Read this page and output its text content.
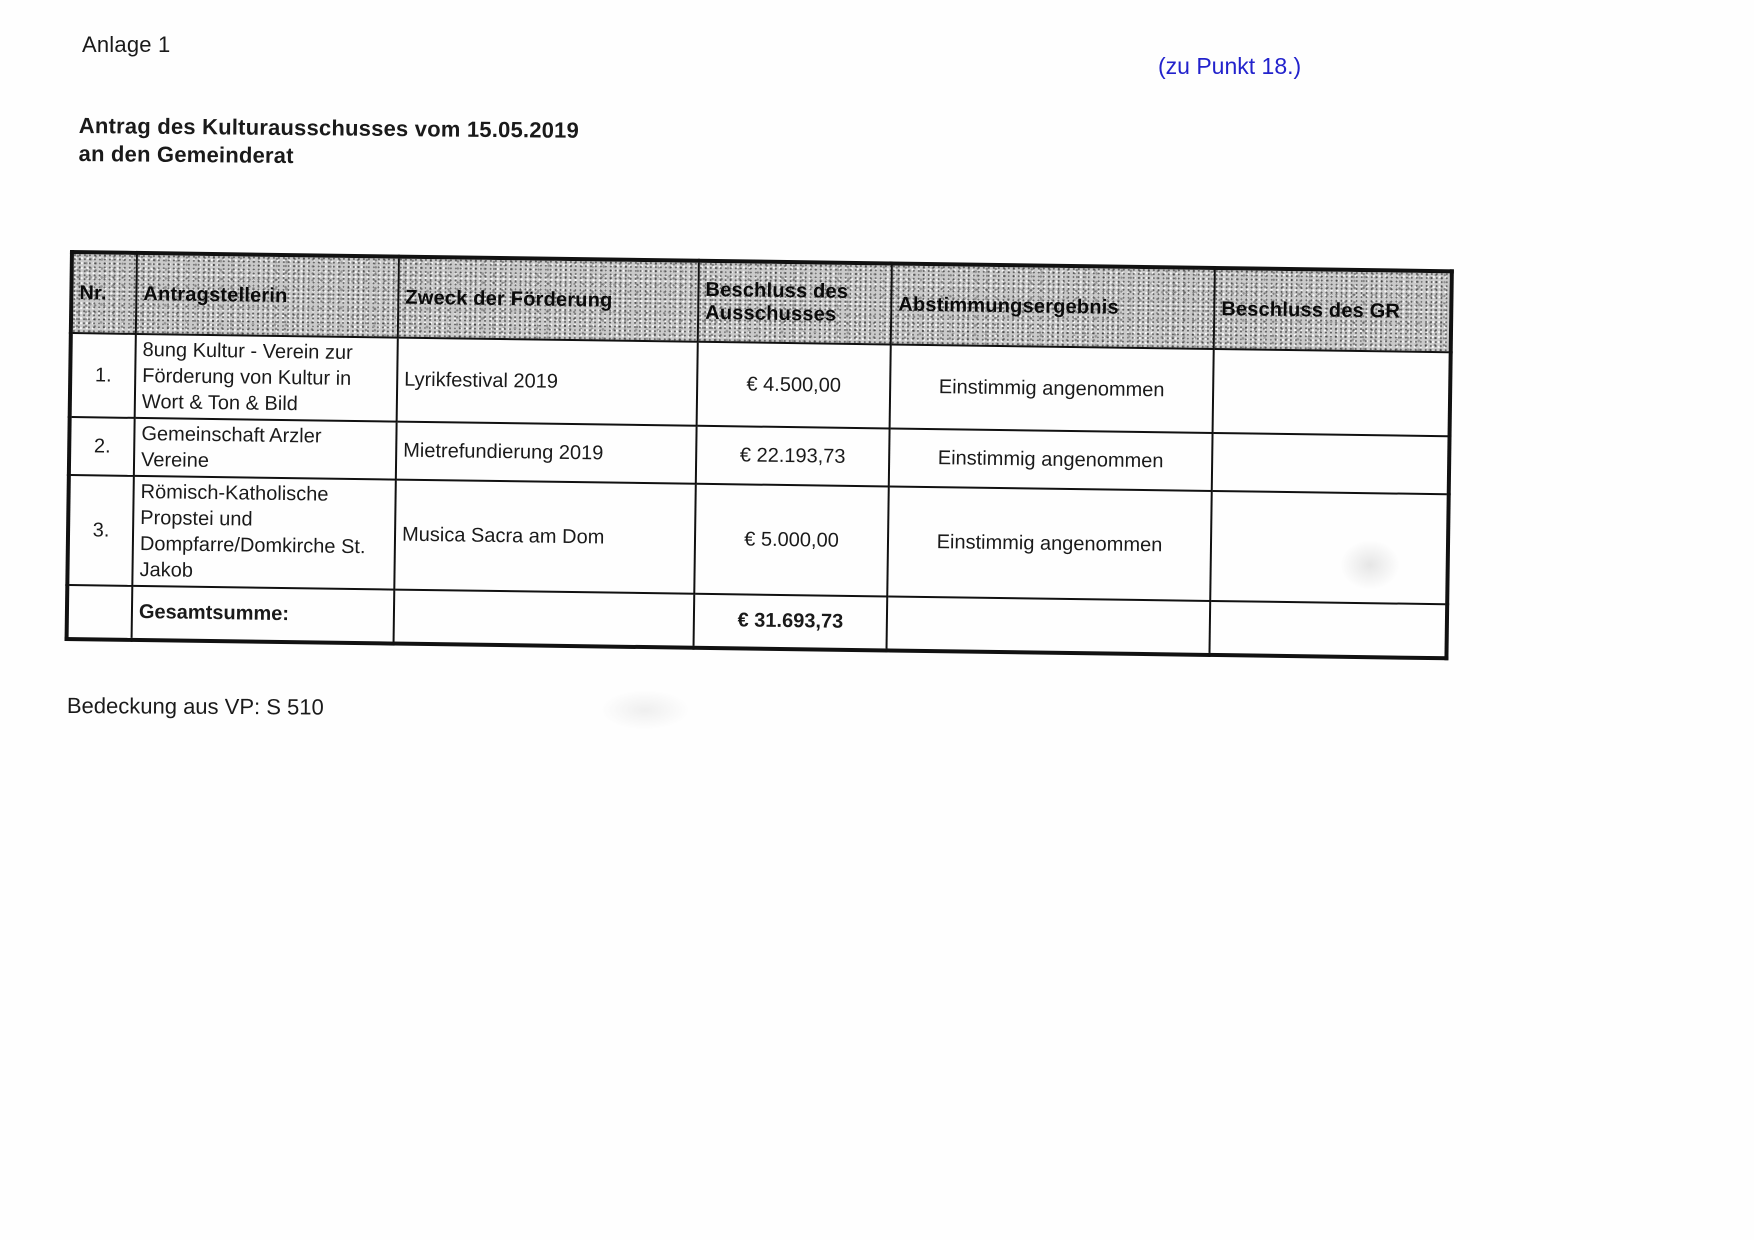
Anlage 1
(zu Punkt 18.)
Antrag des Kulturausschusses vom 15.05.2019
an den Gemeinderat
Nr.	Antragstellerin	Zweck der Förderung	Beschluss des Ausschusses	Abstimmungsergebnis	Beschluss des GR
1.	8ung Kultur - Verein zur Förderung von Kultur in Wort & Ton & Bild	Lyrikfestival 2019	€ 4.500,00	Einstimmig angenommen	
2.	Gemeinschaft Arzler Vereine	Mietrefundierung 2019	€ 22.193,73	Einstimmig angenommen	
3.	Römisch-Katholische Propstei und Dompfarre/Domkirche St. Jakob	Musica Sacra am Dom	€ 5.000,00	Einstimmig angenommen	
	Gesamtsumme:		€ 31.693,73		
Bedeckung aus VP: S 510
